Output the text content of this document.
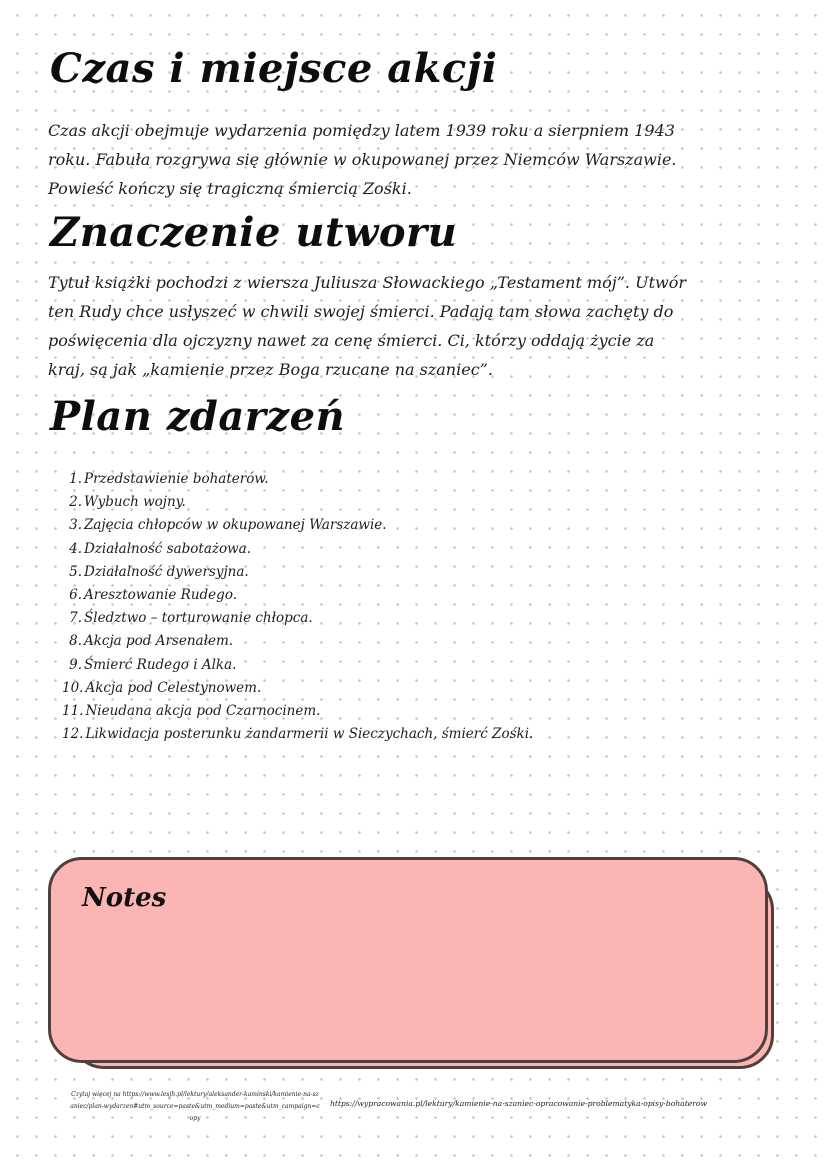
Czas i miejsce akcji
Czas akcji obejmuje wydarzenia pomiędzy latem 1939 roku a sierpniem 1943
roku. Fabuła rozgrywa się głównie w okupowanej przez Niemców Warszawie.
Powieść kończy się tragiczną śmiercią Zośki.
Znaczenie utworu
Tytuł książki pochodzi z wiersza Juliusza Słowackiego „Testament mój”. Utwór
ten Rudy chce usłyszeć w chwili swojej śmierci. Padają tam słowa zachęty do
poświęcenia dla ojczyzny nawet za cenę śmierci. Ci, którzy oddają życie za
kraj, są jak „kamienie przez Boga rzucane na szaniec”.
Plan zdarzeń
1. Przedstawienie bohaterów.
2. Wybuch wojny.
3. Zajęcia chłopców w okupowanej Warszawie.
4. Działalność sabotażowa.
5. Działalność dywersyjna.
6. Aresztowanie Rudego.
7. Śledztwo – torturowanie chłopca.
8. Akcja pod Arsenałem.
9. Śmierć Rudego i Alka.
10. Akcja pod Celestynowem.
11. Nieudana akcja pod Czarnocinem.
12. Likwidacja posterunku żandarmerii w Sieczychach, śmierć Zośki.
Notes

Czytaj więcej na https://www.lesjh.pl/lektury/aleksander-kaminski/kamienie-na-szaniec/plan-wydarzen#utm_source=paste&utm_medium=paste&utm_campaign=copy

https://wypracowania.pl/lektury/kamienie-na-szaniec-opracowanie-problematyka-opisy-bohaterow
